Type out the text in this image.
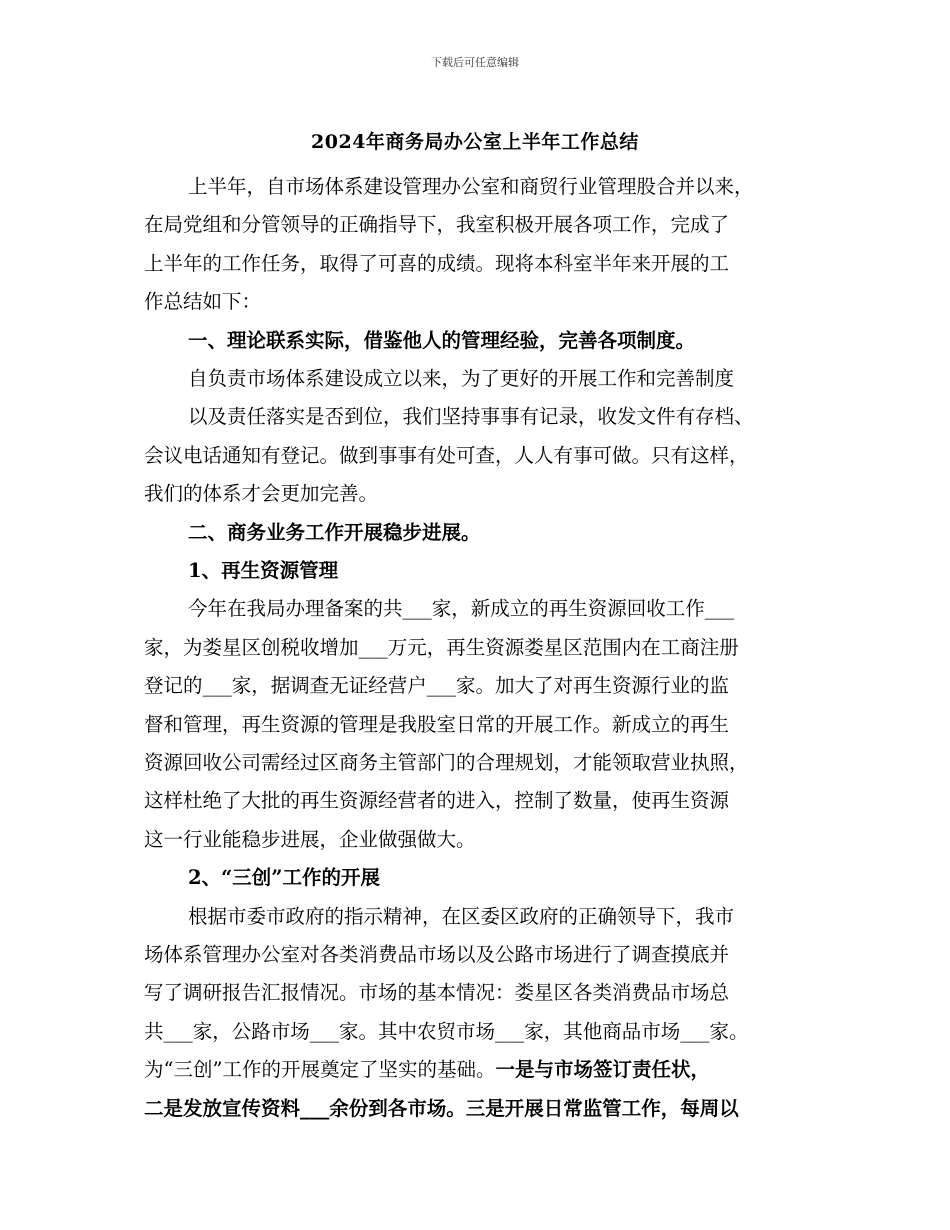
下载后可任意编辑
2024年商务局办公室上半年工作总结
上半年，自市场体系建设管理办公室和商贸行业管理股合并以来，
在局党组和分管领导的正确指导下，我室积极开展各项工作，完成了
上半年的工作任务，取得了可喜的成绩。现将本科室半年来开展的工
作总结如下：
一、理论联系实际，借鉴他人的管理经验，完善各项制度。
自负责市场体系建设成立以来，为了更好的开展工作和完善制度
以及责任落实是否到位，我们坚持事事有记录，收发文件有存档、
会议电话通知有登记。做到事事有处可查，人人有事可做。只有这样，
我们的体系才会更加完善。
二、商务业务工作开展稳步进展。
1、再生资源管理
今年在我局办理备案的共___家，新成立的再生资源回收工作___
家，为娄星区创税收增加___万元，再生资源娄星区范围内在工商注册
登记的___家，据调查无证经营户___家。加大了对再生资源行业的监
督和管理，再生资源的管理是我股室日常的开展工作。新成立的再生
资源回收公司需经过区商务主管部门的合理规划，才能领取营业执照，
这样杜绝了大批的再生资源经营者的进入，控制了数量，使再生资源
这一行业能稳步进展，企业做强做大。
2、“三创”工作的开展
根据市委市政府的指示精神，在区委区政府的正确领导下，我市
场体系管理办公室对各类消费品市场以及公路市场进行了调查摸底并
写了调研报告汇报情况。市场的基本情况：娄星区各类消费品市场总
共___家，公路市场___家。其中农贸市场___家，其他商品市场___家。
为“三创”工作的开展奠定了坚实的基础。一是与市场签订责任状，
二是发放宣传资料___余份到各市场。三是开展日常监管工作，每周以
